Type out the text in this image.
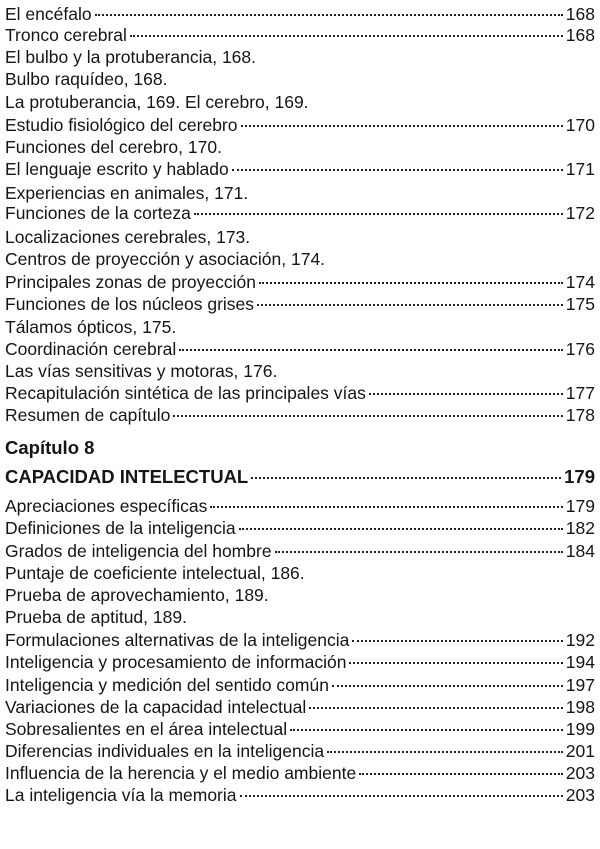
El encéfalo	168
Tronco cerebral	168
El bulbo y la protuberancia, 168.
Bulbo raquídeo, 168.
La protuberancia, 169. El cerebro, 169.
Estudio fisiológico del cerebro	170
Funciones del cerebro, 170.
El lenguaje escrito y hablado	171
Experiencias en animales, 171.
Funciones de la corteza	172
Localizaciones cerebrales, 173.
Centros de proyección y asociación, 174.
Principales zonas de proyección	174
Funciones de los núcleos grises	175
Tálamos ópticos, 175.
Coordinación cerebral	176
Las vías sensitivas y motoras, 176.
Recapitulación sintética de las principales vías	177
Resumen de capítulo	178
Capítulo 8
CAPACIDAD INTELECTUAL	179
Apreciaciones específicas	179
Definiciones de la inteligencia	182
Grados de inteligencia del hombre	184
Puntaje de coeficiente intelectual, 186.
Prueba de aprovechamiento, 189.
Prueba de aptitud, 189.
Formulaciones alternativas de la inteligencia	192
Inteligencia y procesamiento de información	194
Inteligencia y medición del sentido común	197
Variaciones de la capacidad intelectual	198
Sobresalientes en el área intelectual	199
Diferencias individuales en la inteligencia	201
Influencia de la herencia y el medio ambiente	203
La inteligencia vía la memoria	203
